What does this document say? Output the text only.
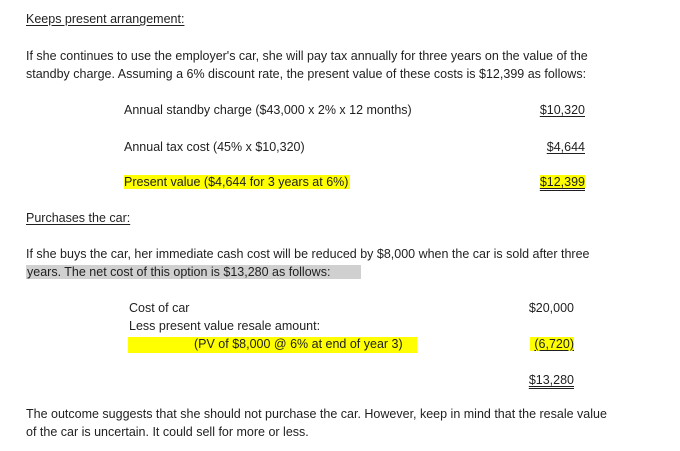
Keeps present arrangement:
If she continues to use the employer's car, she will pay tax annually for three years on the value of the
standby charge. Assuming a 6% discount rate, the present value of these costs is $12,399 as follows:
Annual standby charge ($43,000 x 2% x 12 months)	$10,320
Annual tax cost (45% x $10,320)	$4,644
Present value ($4,644 for 3 years at 6%)	$12,399
Purchases the car:
If she buys the car, her immediate cash cost will be reduced by $8,000 when the car is sold after three
years. The net cost of this option is $13,280 as follows:
Cost of car	$20,000
Less present value resale amount:
(PV of $8,000 @ 6% at end of year 3)	(6,720)
$13,280
The outcome suggests that she should not purchase the car. However, keep in mind that the resale value
of the car is uncertain. It could sell for more or less.
